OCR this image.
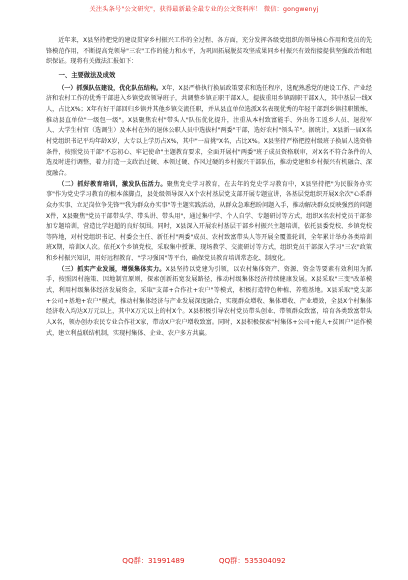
关注头条号"公文研究"，获得最新最全最专业的公文资料库！ 微信：gongwenyj

近年来，X县坚持把党的建设贯穿乡村振兴工作的全过程、各方面，充分发挥各级党组织的领导核心作用和党员的先锋模范作用，不断提高党领导"三农"工作的能力和水平，为巩固拓展脱贫攻坚成果同乡村振兴有效衔接提供坚强政治和组织保证。现将有关做法汇报如下：

一、主要做法及成效

（一）抓强队伍建设，优化队伍结构。X年，X县严格执行换届政策要求和选任程序，选配熟悉党的建设工作、产业经济和农村工作的优秀干部进入乡镇党政领导班子，共调整乡镇正职干部X人，提拔重用乡镇副职干部X人，其中基层一线X人，占比X%；X年有好干部回归乡镇并其他乡镇交流任职，并从县直单位选派X名表现优秀的年轻干部到乡镇挂职锻炼，推动县直单位"一级包一级"。X县聚焦农村"带头人"队伍优化提升，注重从本村致富能手、外出务工返乡人员、退役军人、大学生村官（选调生）及本村在外的退休公职人员中选拔村"两委"干部，选好农村"领头羊"。据统计，X县新一届X名村党组织书记平均年龄X岁，大专以上学历占X%，其中"一肩挑"X名，占比X%。X县坚持严格把控村级班子换届人选资格条件，按照党员干部"不忘初心、牢记使命"主题教育要求，全面开展村"两委"班子成员资格联审，对X名不符合条件的人选及时进行调整，着力打造一支政治过硬、本领过硬、作风过硬的乡村振兴干部队伍，推动党建和乡村振兴有机融合、深度融合。

（二）抓好教育培训，激发队伍活力。聚焦党史学习教育，在去年的党史学习教育中，X县坚持把"为民服务办实事"作为党史学习教育的根本落脚点，县处级领导深入X个农村基层党支部开展专题宣讲，各基层党组织开展X余次"心系群众办实事、立足岗位争先锋""我为群众办实事"等主题实践活动，从群众急难愁盼问题入手，推动解决群众反映强烈的问题X件，X县聚焦"党员干部带头学、带头讲、带头用"，通过集中学、个人自学、专题研讨等方式，组织X名农村党员干部参加专题培训，营造比学赶超的良好氛围。同时，X县深入开展农村基层干部乡村振兴主题培训，依托县委党校、乡镇党校等阵地，对村党组织书记、村委会主任、新任村"两委"成员、农村致富带头人等开展全覆盖轮训，全年累计举办各类培训班X期，培训X人次。依托X个乡镇党校，采取集中授课、现场教学、交流研讨等方式，组织党员干部深入学习"三农"政策和乡村振兴知识，用好远程教育、"学习强国"等平台，确保党员教育培训常态化、制度化。

（三）抓实产业发展，增强集体实力。X县坚持以党建为引领，以农村集体资产、资源、资金等要素有效利用为抓手，按照因村施策、因地制宜原则，探索创新拓宽发展路径，推动村级集体经济持续健康发展。X县采取"三变"改革模式，利用村级集体经济发展资金，采取"支部+合作社+农户"等模式，积极打造特色种植、养殖基地。X县采取"党支部+公司+基地+农户"模式，推动村集体经济与产业发展深度融合，实现群众增收、集体增收、产业增效，全县X个村集体经济收入均达X万元以上，其中X万元以上的村X个。X县积极引导农村党员带头创业、带领群众致富，培育各类致富带头人X名，领办创办农民专业合作社X家，带动X户农户增收致富。同时，X县积极探索"村集体+公司+能人+贫困户"运作模式，建立利益联结机制，实现村集体、企业、农户多方共赢。

QQ群：31991489	QQ群：535304092
